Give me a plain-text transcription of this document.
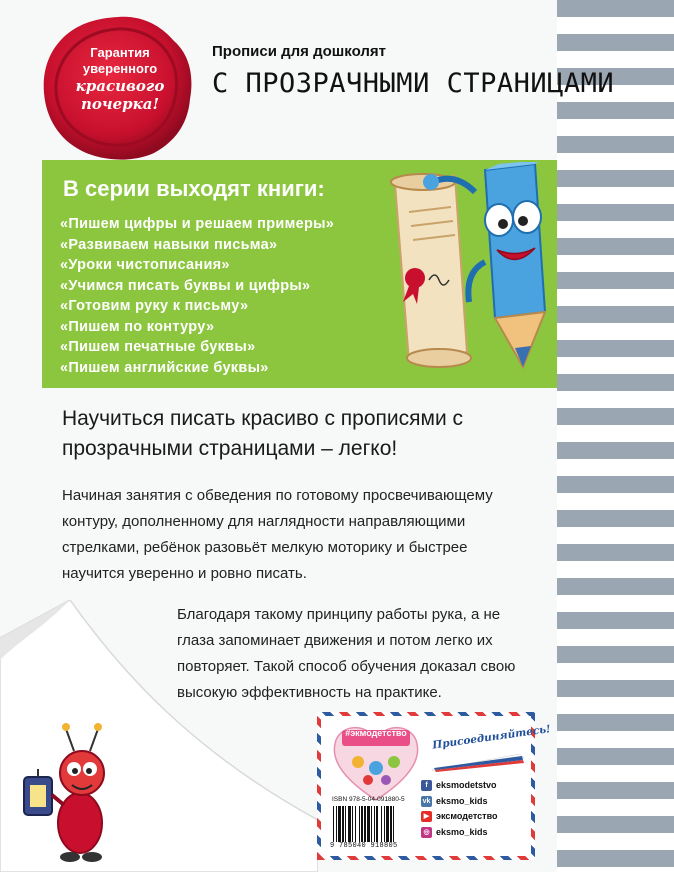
Гарантия
уверенного
красивого
почерка!
Прописи для дошколят
С ПРОЗРАЧНЫМИ СТРАНИЦАМИ
В серии выходят книги:
«Пишем цифры и решаем примеры»
«Развиваем навыки письма»
«Уроки чистописания»
«Учимся писать буквы и цифры»
«Готовим руку к письму»
«Пишем по контуру»
«Пишем печатные буквы»
«Пишем английские буквы»
Научиться писать красиво с прописями с прозрачными страницами – легко!
Начиная занятия с обведения по готовому просвечивающему контуру, дополненному для наглядности направляющими стрелками, ребёнок разовьёт мелкую моторику и быстрее научится уверенно и ровно писать.
Благодаря такому принципу работы рука, а не глаза запоминает движения и потом легко их повторяет. Такой способ обучения доказал свою высокую эффективность на практике.
#экмодетство	Присоединяйтесь!
f eksmodetstvo
vk eksmo_kids
▶ эксмодетство
◎ eksmo_kids
ISBN 978-5-04-091880-5
9 785040 918805
